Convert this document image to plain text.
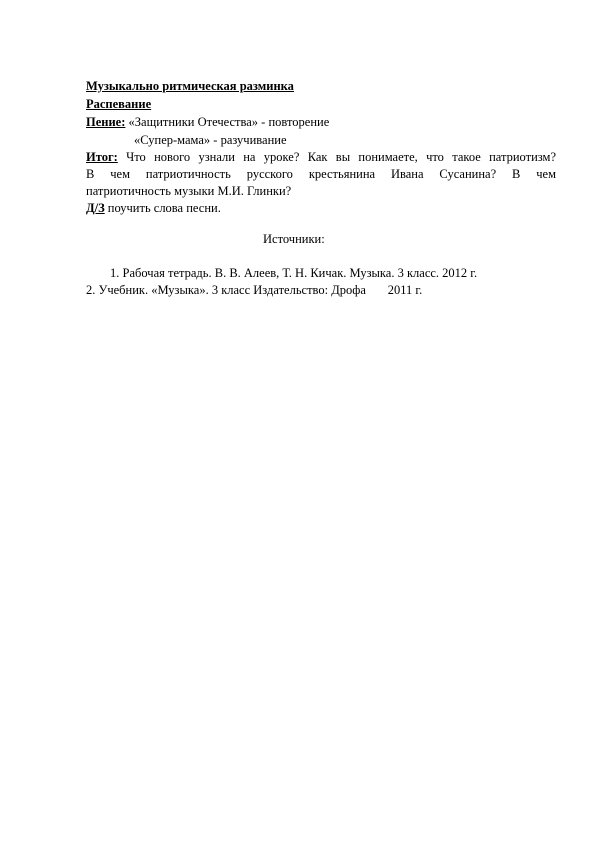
Музыкально ритмическая разминка
Распевание
Пение: «Защитники Отечества» - повторение
«Супер-мама» - разучивание
Итог: Что нового узнали на уроке? Как вы понимаете, что такое патриотизм?
В чем патриотичность русского крестьянина Ивана Сусанина? В чем
патриотичность музыки М.И. Глинки?
Д/З поучить слова песни.
Источники:
1. Рабочая тетрадь. В. В. Алеев, Т. Н. Кичак. Музыка. 3 класс. 2012 г.
2. Учебник. «Музыка». 3 класс Издательство: Дрофа       2011 г.
